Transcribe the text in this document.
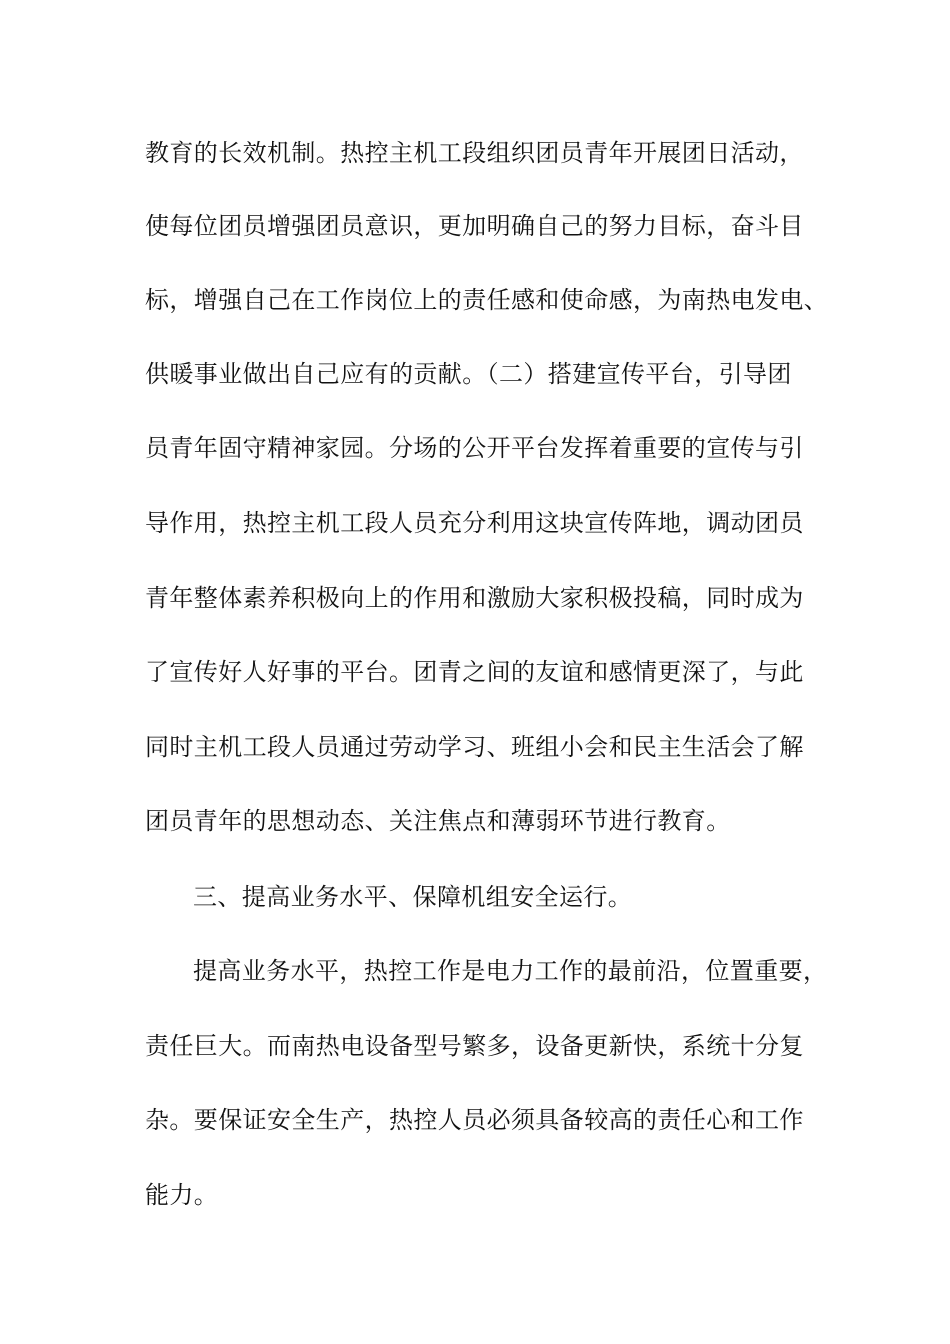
教育的长效机制。热控主机工段组织团员青年开展团日活动，
使每位团员增强团员意识，更加明确自己的努力目标，奋斗目
标，增强自己在工作岗位上的责任感和使命感，为南热电发电、
供暖事业做出自己应有的贡献。（二）搭建宣传平台，引导团
员青年固守精神家园。分场的公开平台发挥着重要的宣传与引
导作用，热控主机工段人员充分利用这块宣传阵地，调动团员
青年整体素养积极向上的作用和激励大家积极投稿，同时成为
了宣传好人好事的平台。团青之间的友谊和感情更深了，与此
同时主机工段人员通过劳动学习、班组小会和民主生活会了解
团员青年的思想动态、关注焦点和薄弱环节进行教育。
三、提高业务水平、保障机组安全运行。
提高业务水平，热控工作是电力工作的最前沿，位置重要，
责任巨大。而南热电设备型号繁多，设备更新快，系统十分复
杂。要保证安全生产，热控人员必须具备较高的责任心和工作
能力。
